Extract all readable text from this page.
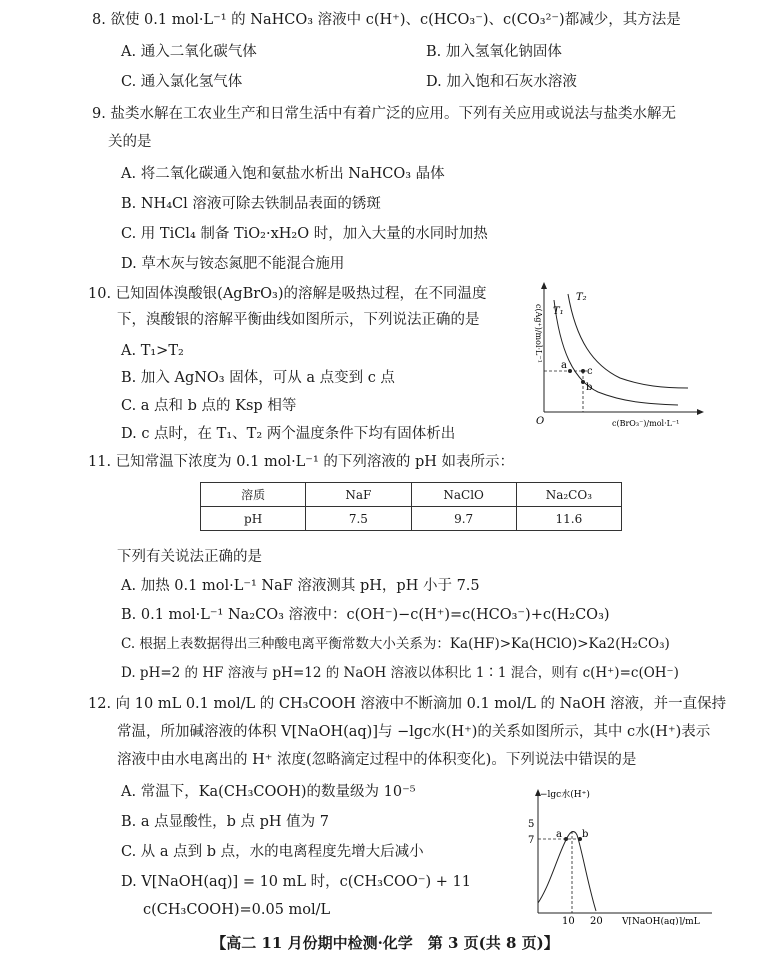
8. 欲使 0.1 mol·L⁻¹ 的 NaHCO₃ 溶液中 c(H⁺)、c(HCO₃⁻)、c(CO₃²⁻)都减少，其方法是
A. 通入二氧化碳气体	B. 加入氢氧化钠固体
C. 通入氯化氢气体	D. 加入饱和石灰水溶液
9. 盐类水解在工农业生产和日常生活中有着广泛的应用。下列有关应用或说法与盐类水解无
关的是
A. 将二氧化碳通入饱和氨盐水析出 NaHCO₃ 晶体
B. NH₄Cl 溶液可除去铁制品表面的锈斑
C. 用 TiCl₄ 制备 TiO₂·xH₂O 时，加入大量的水同时加热
D. 草木灰与铵态氮肥不能混合施用
10. 已知固体溴酸银(AgBrO₃)的溶解是吸热过程，在不同温度
下，溴酸银的溶解平衡曲线如图所示，下列说法正确的是
A. T₁>T₂
B. 加入 AgNO₃ 固体，可从 a 点变到 c 点
C. a 点和 b 点的 Ksp 相等
D. c 点时，在 T₁、T₂ 两个温度条件下均有固体析出
T₁
T₂
a
c
b
O	c(BrO₃⁻)/mol·L⁻¹
c(Ag⁺)/mol·L⁻¹
11. 已知常温下浓度为 0.1 mol·L⁻¹ 的下列溶液的 pH 如表所示：
溶质	NaF	NaClO	Na₂CO₃
pH	7.5	9.7	11.6
下列有关说法正确的是
A. 加热 0.1 mol·L⁻¹ NaF 溶液测其 pH，pH 小于 7.5
B. 0.1 mol·L⁻¹ Na₂CO₃ 溶液中：c(OH⁻)−c(H⁺)=c(HCO₃⁻)+c(H₂CO₃)
C. 根据上表数据得出三种酸电离平衡常数大小关系为：Ka(HF)>Ka(HClO)>Ka2(H₂CO₃)
D. pH=2 的 HF 溶液与 pH=12 的 NaOH 溶液以体积比 1∶1 混合，则有 c(H⁺)=c(OH⁻)
12. 向 10 mL 0.1 mol/L 的 CH₃COOH 溶液中不断滴加 0.1 mol/L 的 NaOH 溶液，并一直保持
常温，所加碱溶液的体积 V[NaOH(aq)]与 −lgc水(H⁺)的关系如图所示，其中 c水(H⁺)表示
溶液中由水电离出的 H⁺ 浓度(忽略滴定过程中的体积变化)。下列说法中错误的是
A. 常温下，Ka(CH₃COOH)的数量级为 10⁻⁵
B. a 点显酸性，b 点 pH 值为 7
C. 从 a 点到 b 点，水的电离程度先增大后减小
D. V[NaOH(aq)] = 10 mL 时，c(CH₃COO⁻) + 11
c(CH₃COOH)=0.05 mol/L
a b
5
7
10 20
−lgc水(H⁺)
V[NaOH(aq)]/mL
【高二 11 月份期中检测·化学　第 3 页(共 8 页)】
